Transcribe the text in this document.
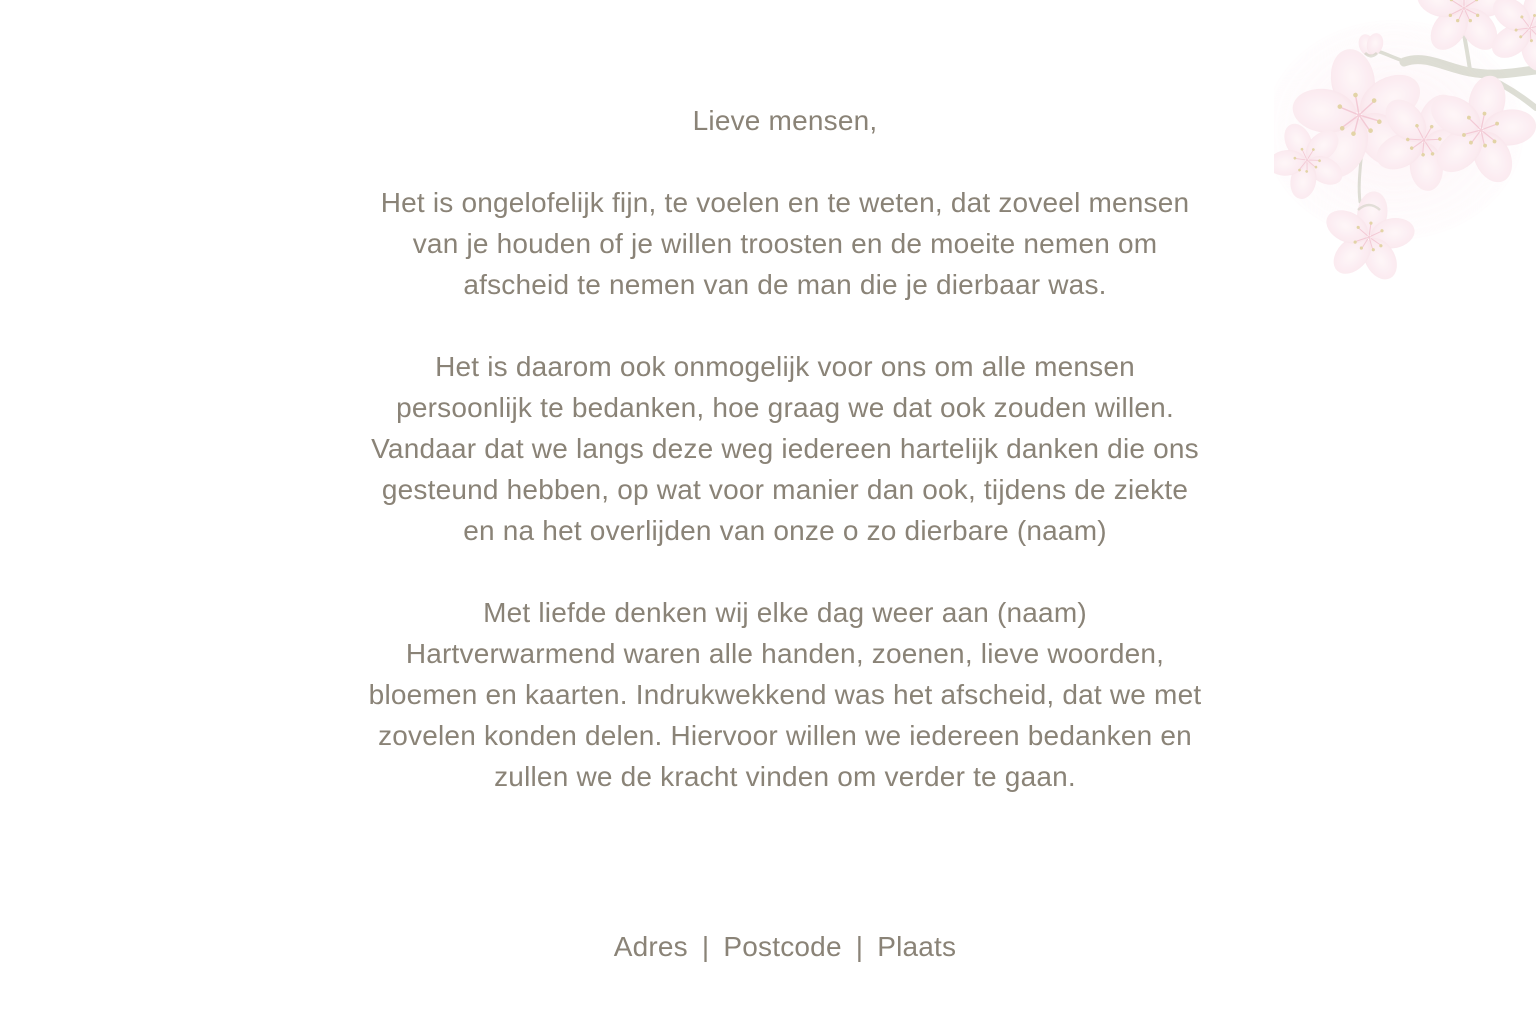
Lieve mensen,
Het is ongelofelijk fijn, te voelen en te weten, dat zoveel mensen
van je houden of je willen troosten en de moeite nemen om
afscheid te nemen van de man die je dierbaar was.
Het is daarom ook onmogelijk voor ons om alle mensen
persoonlijk te bedanken, hoe graag we dat ook zouden willen.
Vandaar dat we langs deze weg iedereen hartelijk danken die ons
gesteund hebben, op wat voor manier dan ook, tijdens de ziekte
en na het overlijden van onze o zo dierbare (naam)
Met liefde denken wij elke dag weer aan (naam)
Hartverwarmend waren alle handen, zoenen, lieve woorden,
bloemen en kaarten. Indrukwekkend was het afscheid, dat we met
zovelen konden delen. Hiervoor willen we iedereen bedanken en
zullen we de kracht vinden om verder te gaan.
Adres | Postcode | Plaats
